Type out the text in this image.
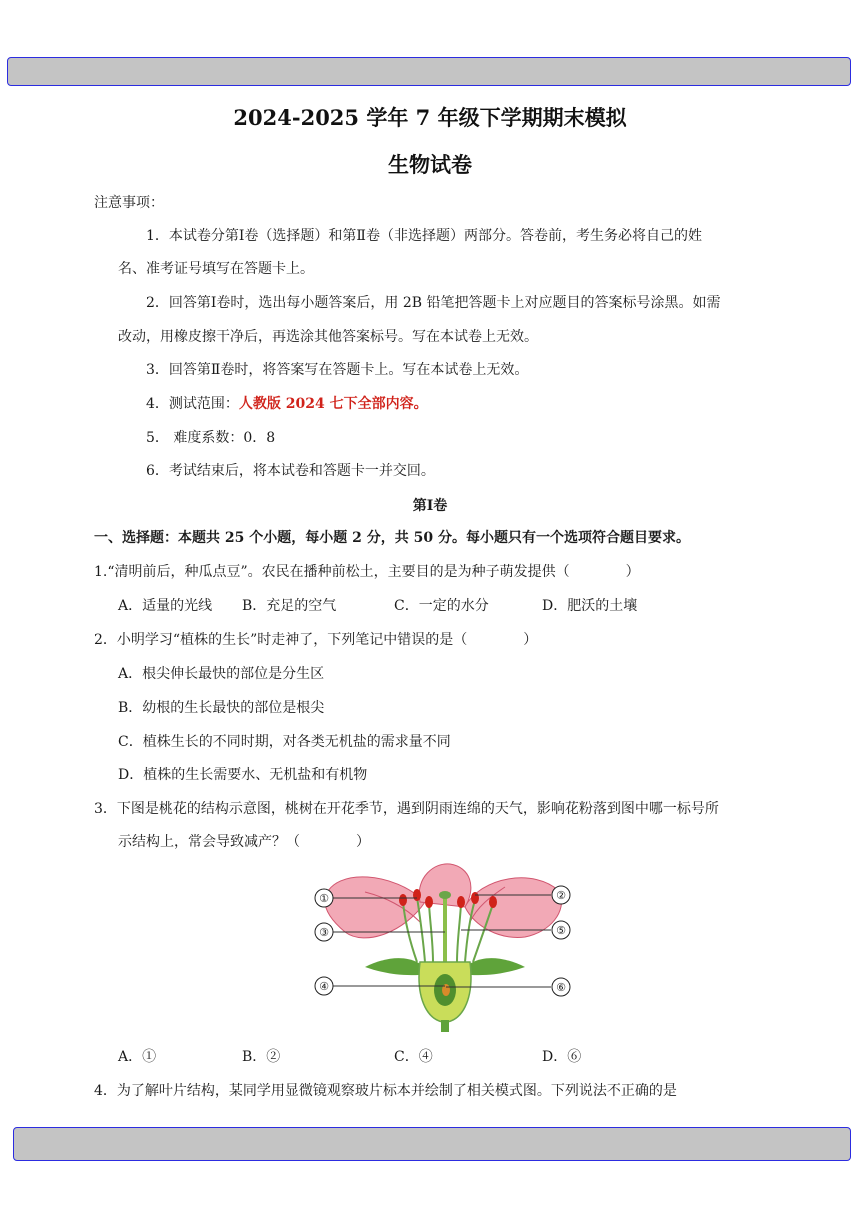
2024-2025 学年 7 年级下学期期末模拟
生物试卷
注意事项：
1．本试卷分第Ⅰ卷（选择题）和第Ⅱ卷（非选择题）两部分。答卷前，考生务必将自己的姓
名、准考证号填写在答题卡上。
2．回答第Ⅰ卷时，选出每小题答案后，用 2B 铅笔把答题卡上对应题目的答案标号涂黑。如需
改动，用橡皮擦干净后，再选涂其他答案标号。写在本试卷上无效。
3．回答第Ⅱ卷时，将答案写在答题卡上。写在本试卷上无效。
4．测试范围：人教版 2024 七下全部内容。
5． 难度系数：0．8
6．考试结束后，将本试卷和答题卡一并交回。
第Ⅰ卷
一、选择题：本题共 25 个小题，每小题 2 分，共 50 分。每小题只有一个选项符合题目要求。
1.“清明前后，种瓜点豆”。农民在播种前松土，主要目的是为种子萌发提供（　　　　）
A．适量的光线 B．充足的空气	C．一定的水分	D．肥沃的土壤
2．小明学习“植株的生长”时走神了，下列笔记中错误的是（　　　　）
A．根尖伸长最快的部位是分生区
B．幼根的生长最快的部位是根尖
C．植株生长的不同时期，对各类无机盐的需求量不同
D．植株的生长需要水、无机盐和有机物
3．下图是桃花的结构示意图，桃树在开花季节，遇到阴雨连绵的天气，影响花粉落到图中哪一标号所
示结构上，常会导致减产？（　　　　）
①	②
③	⑤
④	⑥
A．①	B．②	C．④	D．⑥
4．为了解叶片结构，某同学用显微镜观察玻片标本并绘制了相关模式图。下列说法不正确的是
